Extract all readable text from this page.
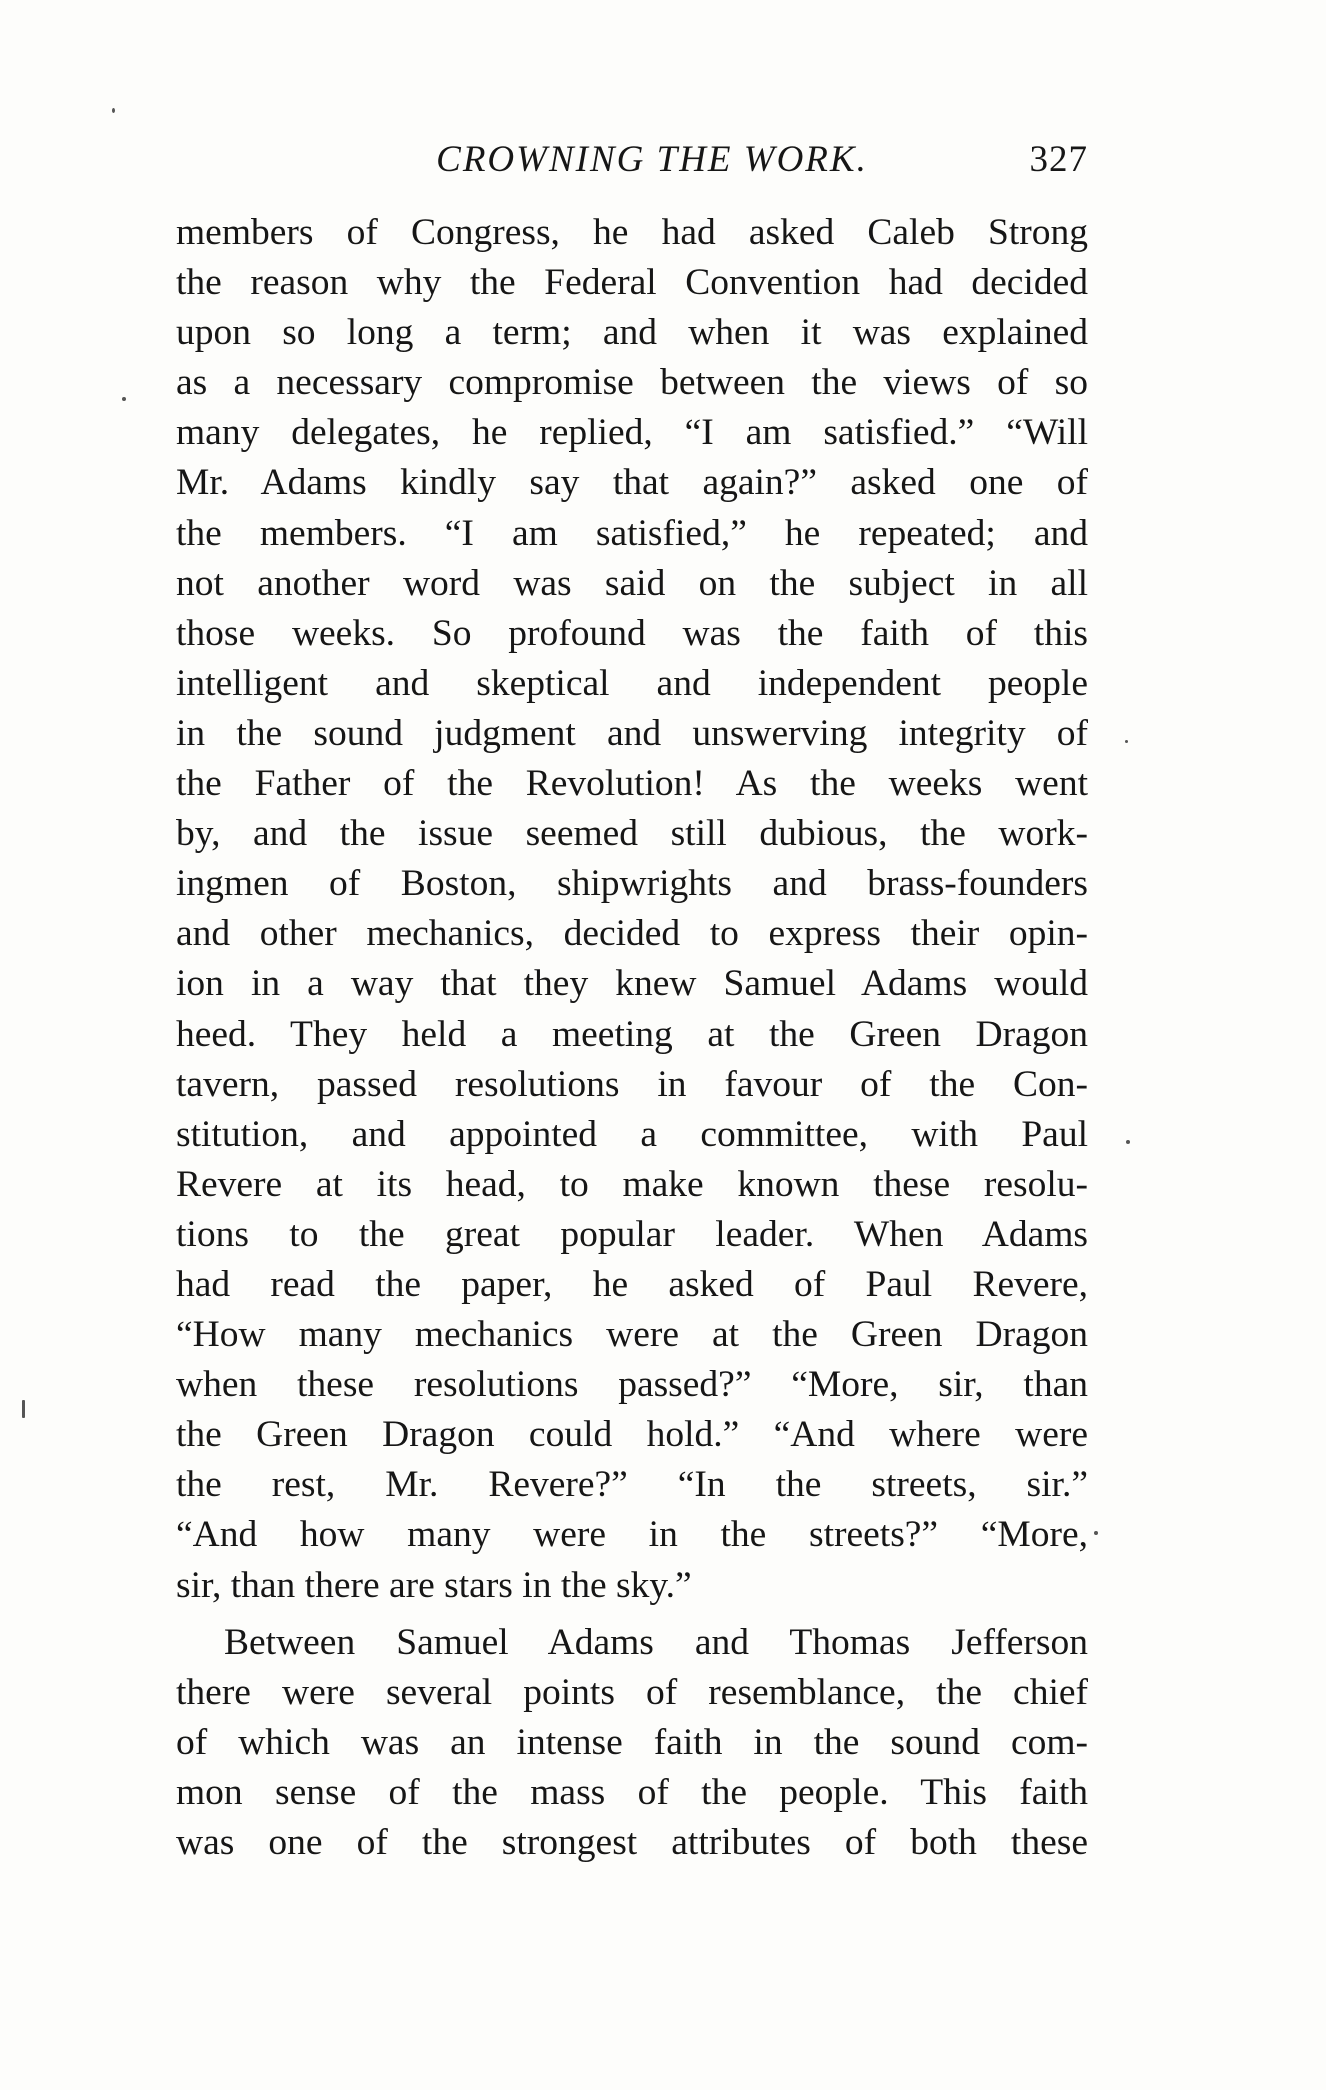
CROWNING THE WORK.	327
members of Congress, he had asked Caleb Strong
the reason why the Federal Convention had decided
upon so long a term; and when it was explained
as a necessary compromise between the views of so
many delegates, he replied, “I am satisfied.” “Will
Mr. Adams kindly say that again?” asked one of
the members. “I am satisfied,” he repeated; and
not another word was said on the subject in all
those weeks. So profound was the faith of this
intelligent and skeptical and independent people
in the sound judgment and unswerving integrity of
the Father of the Revolution! As the weeks went
by, and the issue seemed still dubious, the work-
ingmen of Boston, shipwrights and brass-founders
and other mechanics, decided to express their opin-
ion in a way that they knew Samuel Adams would
heed. They held a meeting at the Green Dragon
tavern, passed resolutions in favour of the Con-
stitution, and appointed a committee, with Paul
Revere at its head, to make known these resolu-
tions to the great popular leader. When Adams
had read the paper, he asked of Paul Revere,
“How many mechanics were at the Green Dragon
when these resolutions passed?” “More, sir, than
the Green Dragon could hold.” “And where were
the rest, Mr. Revere?” “In the streets, sir.”
“And how many were in the streets?” “More,
sir, than there are stars in the sky.”
Between Samuel Adams and Thomas Jefferson
there were several points of resemblance, the chief
of which was an intense faith in the sound com-
mon sense of the mass of the people. This faith
was one of the strongest attributes of both these
